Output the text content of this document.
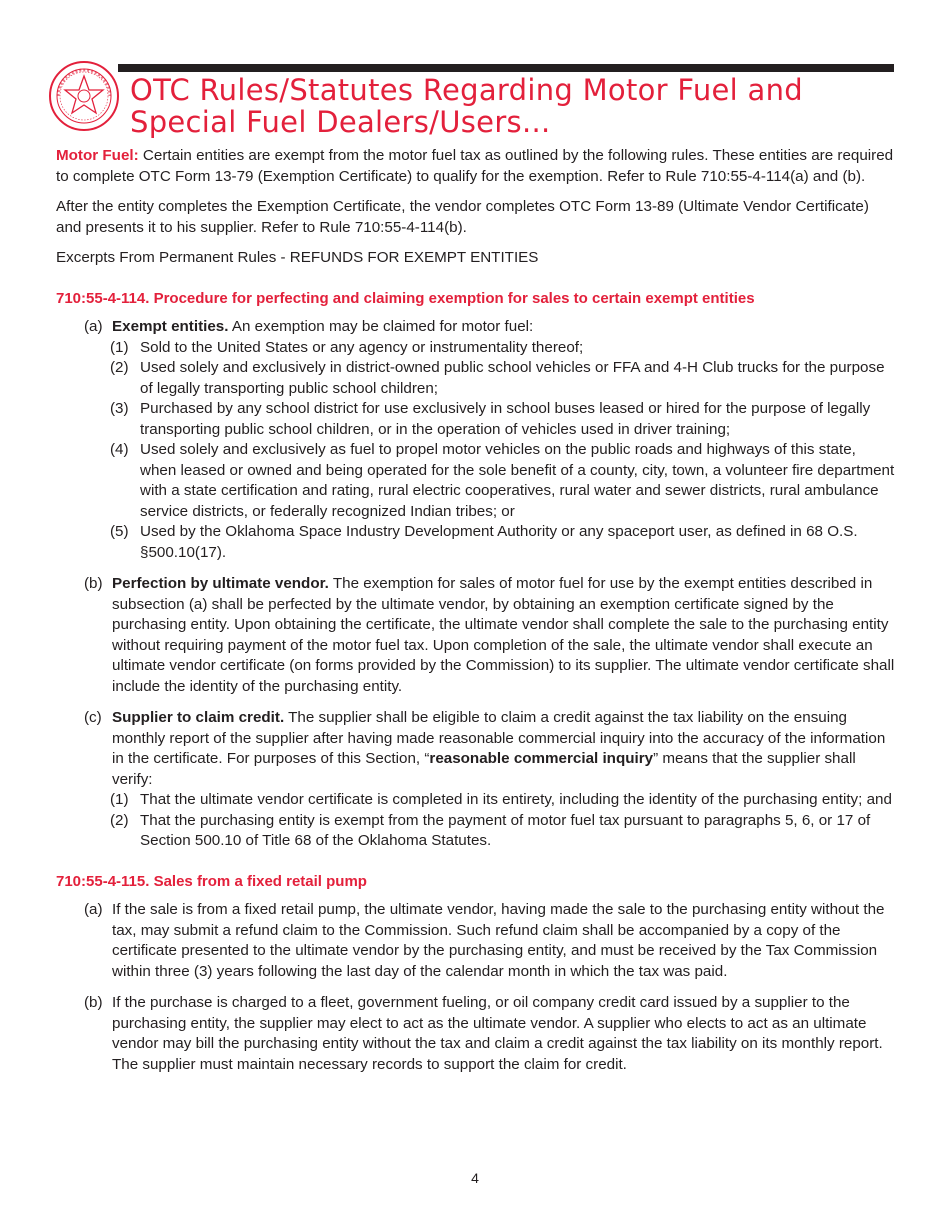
OTC Rules/Statutes Regarding Motor Fuel and
Special Fuel Dealers/Users...

Motor Fuel: Certain entities are exempt from the motor fuel tax as outlined by the following rules. These entities are required to complete OTC Form 13-79 (Exemption Certificate) to qualify for the exemption. Refer to Rule 710:55-4-114(a) and (b).

After the entity completes the Exemption Certificate, the vendor completes OTC Form 13-89 (Ultimate Vendor Certificate) and presents it to his supplier. Refer to Rule 710:55-4-114(b).

Excerpts From Permanent Rules - REFUNDS FOR EXEMPT ENTITIES

710:55-4-114. Procedure for perfecting and claiming exemption for sales to certain exempt entities
(a) Exempt entities. An exemption may be claimed for motor fuel:
(1) Sold to the United States or any agency or instrumentality thereof;
(2) Used solely and exclusively in district-owned public school vehicles or FFA and 4-H Club trucks for the purpose of legally transporting public school children;
(3) Purchased by any school district for use exclusively in school buses leased or hired for the purpose of legally transporting public school children, or in the operation of vehicles used in driver training;
(4) Used solely and exclusively as fuel to propel motor vehicles on the public roads and highways of this state, when leased or owned and being operated for the sole benefit of a county, city, town, a volunteer fire department with a state certification and rating, rural electric cooperatives, rural water and sewer districts, rural ambulance service districts, or federally recognized Indian tribes; or
(5) Used by the Oklahoma Space Industry Development Authority or any spaceport user, as defined in 68 O.S. §500.10(17).
(b) Perfection by ultimate vendor. The exemption for sales of motor fuel for use by the exempt entities described in subsection (a) shall be perfected by the ultimate vendor, by obtaining an exemption certificate signed by the purchasing entity. Upon obtaining the certificate, the ultimate vendor shall complete the sale to the purchasing entity without requiring payment of the motor fuel tax. Upon completion of the sale, the ultimate vendor shall execute an ultimate vendor certificate (on forms provided by the Commission) to its supplier. The ultimate vendor certificate shall include the identity of the purchasing entity.
(c) Supplier to claim credit. The supplier shall be eligible to claim a credit against the tax liability on the ensuing monthly report of the supplier after having made reasonable commercial inquiry into the accuracy of the information in the certificate. For purposes of this Section, “reasonable commercial inquiry” means that the supplier shall verify:
(1) That the ultimate vendor certificate is completed in its entirety, including the identity of the purchasing entity; and
(2) That the purchasing entity is exempt from the payment of motor fuel tax pursuant to paragraphs 5, 6, or 17 of Section 500.10 of Title 68 of the Oklahoma Statutes.
710:55-4-115. Sales from a fixed retail pump
(a) If the sale is from a fixed retail pump, the ultimate vendor, having made the sale to the purchasing entity without the tax, may submit a refund claim to the Commission. Such refund claim shall be accompanied by a copy of the certificate presented to the ultimate vendor by the purchasing entity, and must be received by the Tax Commission within three (3) years following the last day of the calendar month in which the tax was paid.
(b) If the purchase is charged to a fleet, government fueling, or oil company credit card issued by a supplier to the purchasing entity, the supplier may elect to act as the ultimate vendor. A supplier who elects to act as an ultimate vendor may bill the purchasing entity without the tax and claim a credit against the tax liability on its monthly report. The supplier must maintain necessary records to support the claim for credit.
4
